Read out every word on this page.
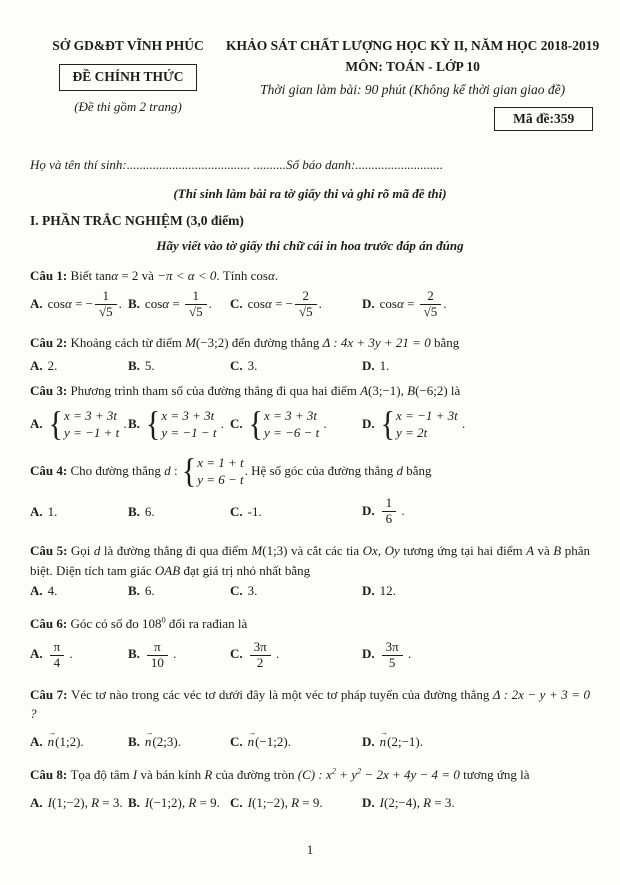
SỞ GD&ĐT VĨNH PHÚC
ĐỀ CHÍNH THỨC
(Đề thi gồm 2 trang)
KHẢO SÁT CHẤT LƯỢNG HỌC KỲ II, NĂM HỌC 2018-2019
MÔN: TOÁN - LỚP 10
Thời gian làm bài: 90 phút (Không kể thời gian giao đề)
Mã đề:359
Họ và tên thí sinh:...................................... ..........Số báo danh:...........................
(Thí sinh làm bài ra tờ giấy thi và ghi rõ mã đề thi)
I. PHẦN TRẮC NGHIỆM (3,0 điểm)
Hãy viết vào tờ giấy thi chữ cái in hoa trước đáp án đúng
Câu 1: Biết tanα = 2 và −π < α < 0. Tính cosα.
A. cosα = − $\frac{1}{√5}$ . B. $\cos\alpha = \frac{1}{√5}$ .	C. cosα = − $\frac{2}{√5}$ .	D. $\cos\alpha = \frac{2}{√5}$ .
Câu 2: Khoảng cách từ điểm M(−3;2) đến đường thẳng Δ : 4x + 3y + 21 = 0 bằng
A. 2.	B. 5.	C. 3.	D. 1.
Câu 3: Phương trình tham số của đường thẳng đi qua hai điểm A(3;−1), B(−6;2) là
A. { x = 3 + 3t
y = −1 + t
. B. { x = 3 + 3t
y = −1 − t
. C. { x = 3 + 3t
y = −6 − t
.	D. { x = −1 + 3t
y = 2t
.
Câu 4: Cho đường thẳng d : { x = 1 + t
y = 6 − t
. Hệ số góc của đường thẳng d bằng
A. 1.	B. 6.	C. -1.	D. $\frac{1}{6}$ .
Câu 5: Gọi d là đường thẳng đi qua điểm M(1;3) và cắt các tia Ox, Oy tương ứng tại hai điểm A và B phân biệt. Diện tích tam giác OAB đạt giá trị nhỏ nhất bằng
A. 4.	B. 6.	C. 3.	D. 12.
Câu 6: Góc có số đo $108^0$ đổi ra rađian là
A. $\frac{\pi}{4}$ .	B. $\frac{\pi}{10}$ .	C. $\frac{3\pi}{2}$ .	D. $\frac{3\pi}{5}$ .
Câu 7: Véc tơ nào trong các véc tơ dưới đây là một véc tơ pháp tuyến của đường thẳng Δ : 2x − y + 3 = 0 ?
A. → n(1;2).	B. → n(2;3).	C. → n(−1;2).	D. → n(2;−1).
Câu 8: Tọa độ tâm I và bán kính R của đường tròn (C) : $x^2 + y^2 - 2x + 4y - 4 = 0$ tương ứng là
A. I(1;−2), R = 3. B. I(−1;2), R = 9. C. I(1;−2), R = 9.	D. I(2;−4), R = 3.
1
